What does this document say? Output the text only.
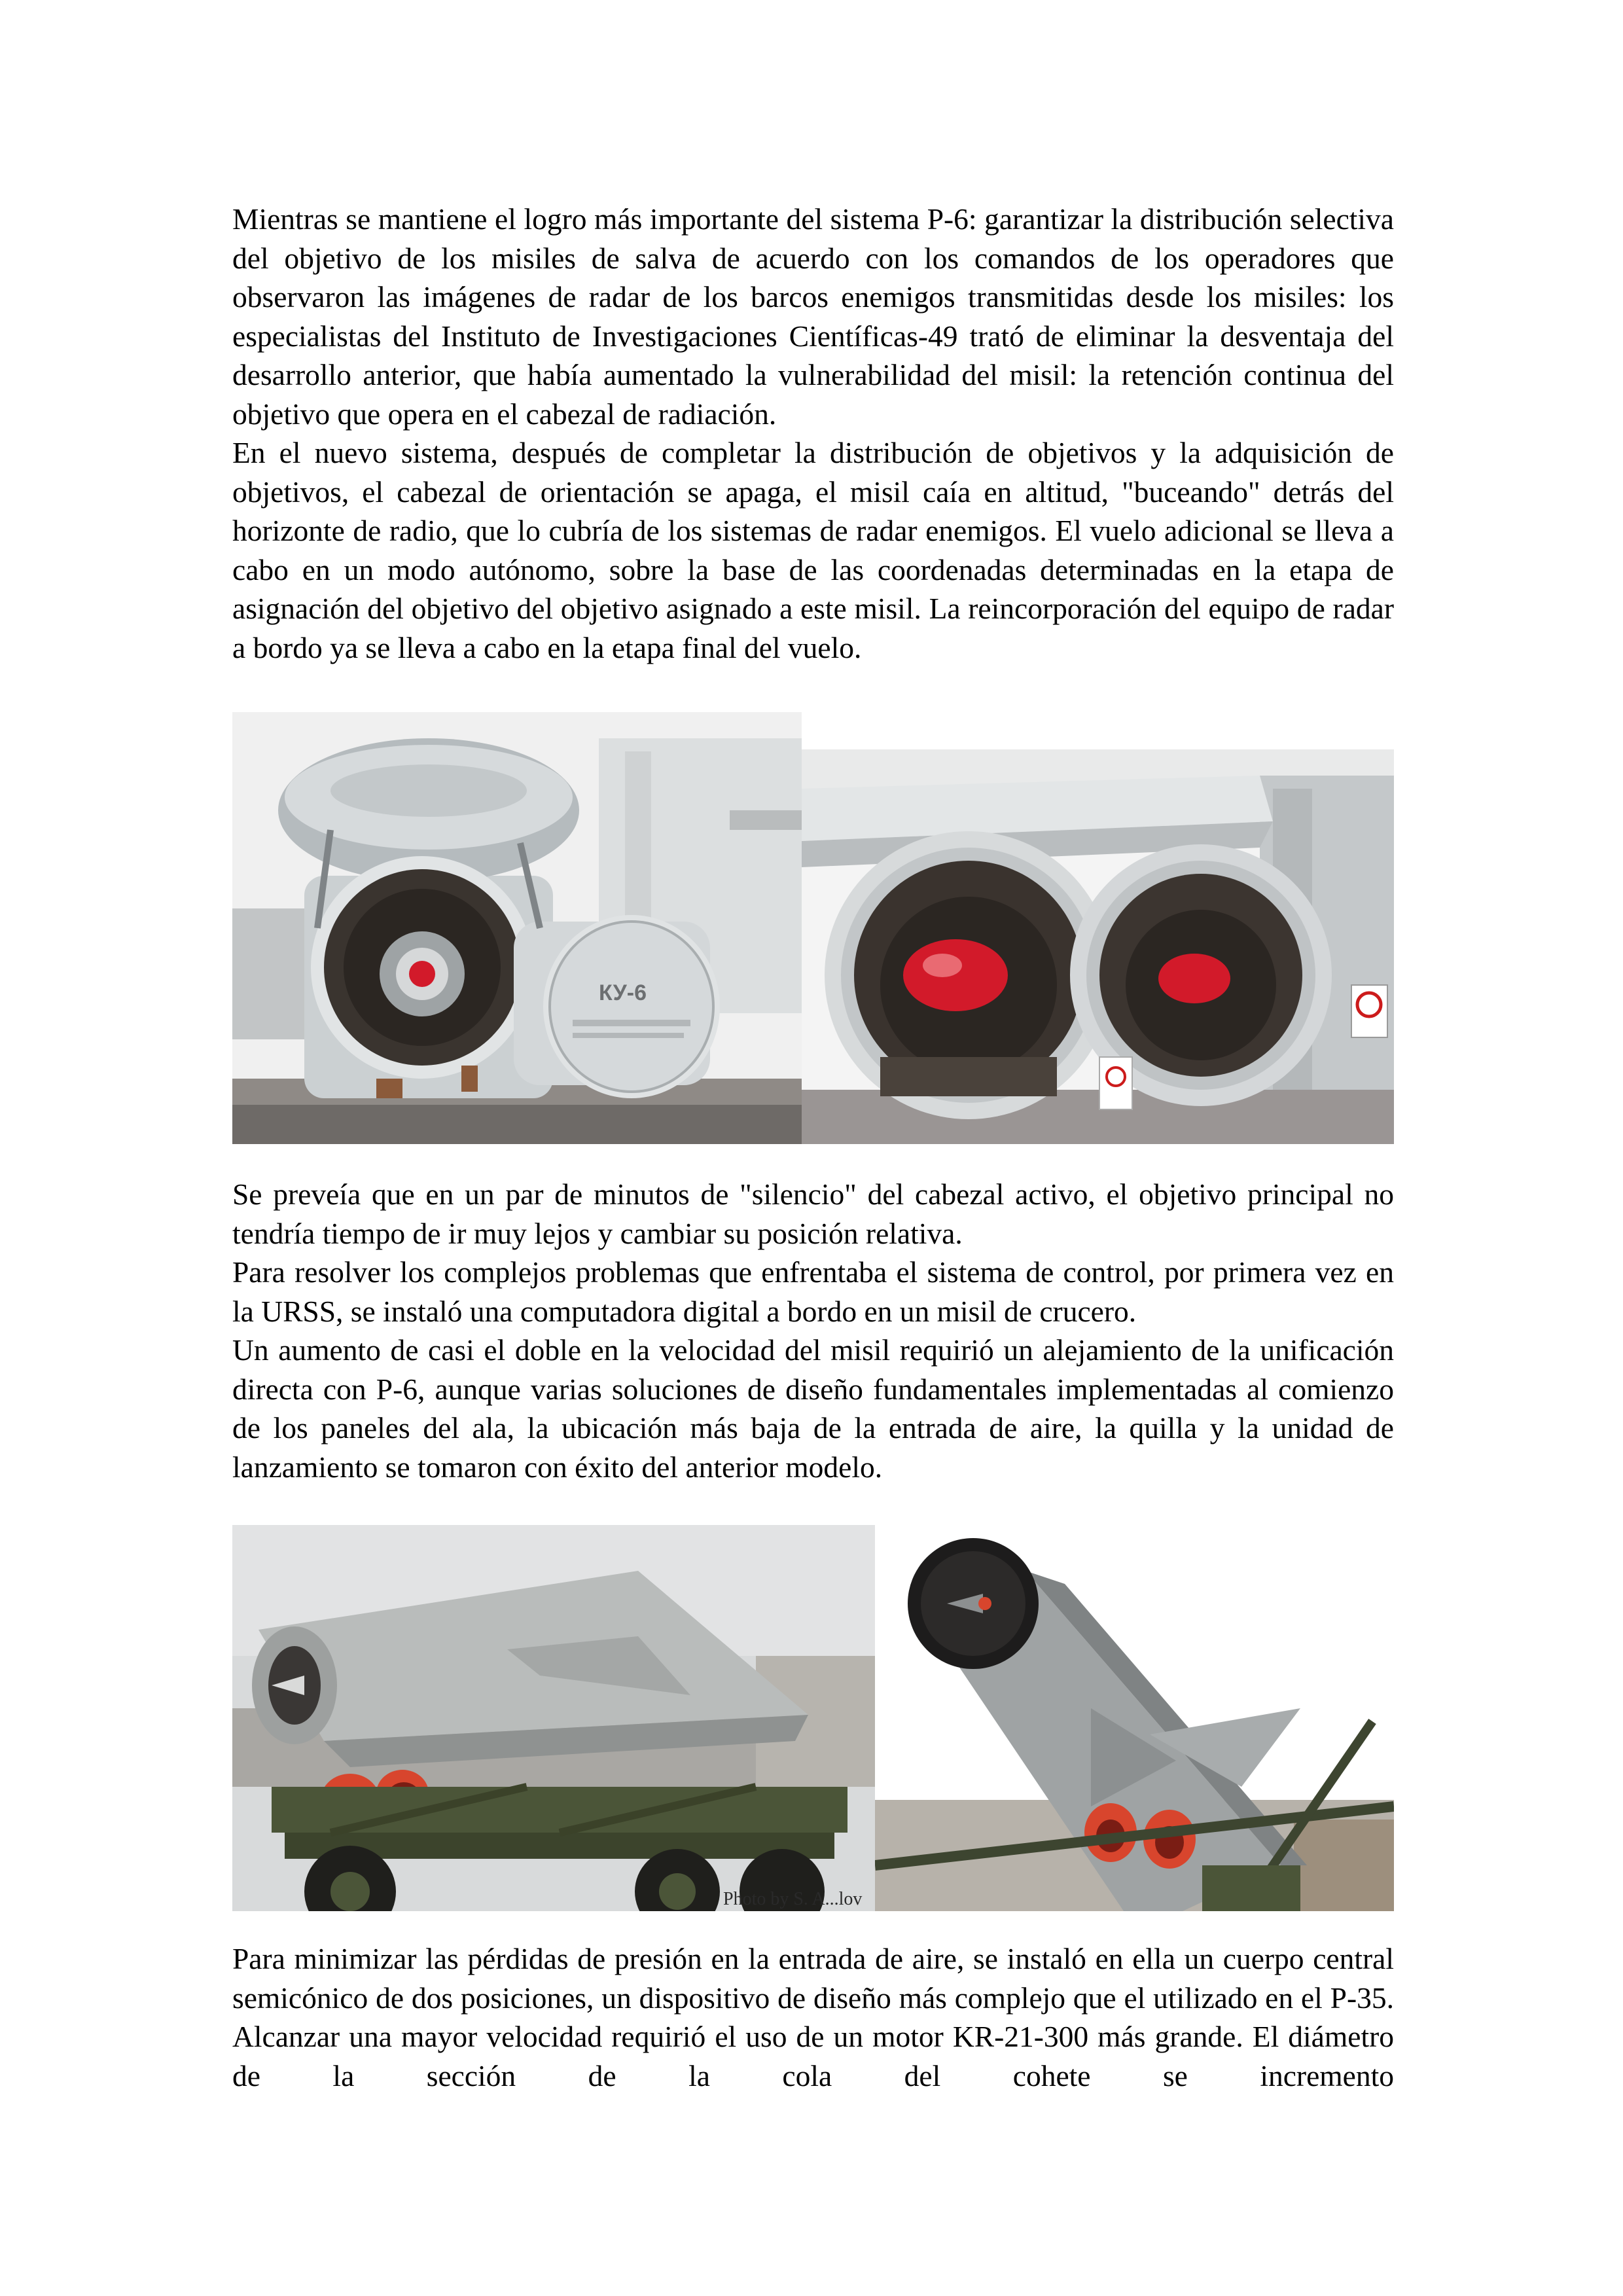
Mientras se mantiene el logro más importante del sistema P-6: garantizar la distribución selectiva del objetivo de los misiles de salva de acuerdo con los comandos de los operadores que observaron las imágenes de radar de los barcos enemigos transmitidas desde los misiles: los especialistas del Instituto de Investigaciones Científicas-49 trató de eliminar la desventaja del desarrollo anterior, que había aumentado la vulnerabilidad del misil: la retención continua del objetivo que opera en el cabezal de radiación.

En el nuevo sistema, después de completar la distribución de objetivos y la adquisición de objetivos, el cabezal de orientación se apaga, el misil caía en altitud, "buceando" detrás del horizonte de radio, que lo cubría de los sistemas de radar enemigos. El vuelo adicional se lleva a cabo en un modo autónomo, sobre la base de las coordenadas determinadas en la etapa de asignación del objetivo del objetivo asignado a este misil. La reincorporación del equipo de radar a bordo ya se lleva a cabo en la etapa final del vuelo.

КУ-6

Se preveía que en un par de minutos de "silencio" del cabezal activo, el objetivo principal no tendría tiempo de ir muy lejos y cambiar su posición relativa.

Para resolver los complejos problemas que enfrentaba el sistema de control, por primera vez en la URSS, se instaló una computadora digital a bordo en un misil de crucero.

Un aumento de casi el doble en la velocidad del misil requirió un alejamiento de la unificación directa con P-6, aunque varias soluciones de diseño fundamentales implementadas al comienzo de los paneles del ala, la ubicación más baja de la entrada de aire, la quilla y la unidad de lanzamiento se tomaron con éxito del anterior modelo.

Photo by S. A...lov

Para minimizar las pérdidas de presión en la entrada de aire, se instaló en ella un cuerpo central semicónico de dos posiciones, un dispositivo de diseño más complejo que el utilizado en el P-35. Alcanzar una mayor velocidad requirió el uso de un motor KR-21-300 más grande. El diámetro de la sección de la cola del cohete se incremento
